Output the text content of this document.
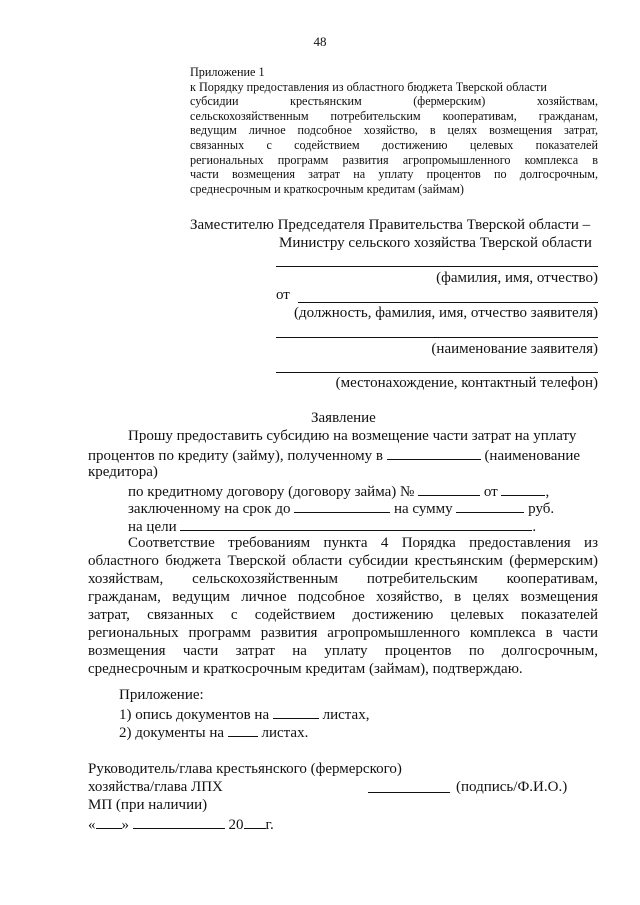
48
Приложение 1
к Порядку предоставления из областного бюджета Тверской области
субсидии крестьянским (фермерским) хозяйствам,
сельскохозяйственным потребительским кооперативам, гражданам,
ведущим личное подсобное хозяйство, в целях возмещения затрат,
связанных с содействием достижению целевых показателей
региональных программ развития агропромышленного комплекса в
части возмещения затрат на уплату процентов по долгосрочным,
среднесрочным и краткосрочным кредитам (займам)
Заместителю Председателя Правительства Тверской области –
Министру сельского хозяйства Тверской области
(фамилия, имя, отчество)
от
(должность, фамилия, имя, отчество заявителя)
(наименование заявителя)
(местонахождение, контактный телефон)
Заявление
Прошу предоставить субсидию на возмещение части затрат на уплату
процентов по кредиту (займу), полученному в	(наименование
кредитора)
по кредитному договору (договору займа) №	от	,
заключенному на срок до	на сумму	руб.
на цели	.
Соответствие требованиям пункта 4 Порядка предоставления из
областного бюджета Тверской области субсидии крестьянским (фермерским)
хозяйствам, сельскохозяйственным потребительским кооперативам,
гражданам, ведущим личное подсобное хозяйство, в целях возмещения
затрат, связанных с содействием достижению целевых показателей
региональных программ развития агропромышленного комплекса в части
возмещения части затрат на уплату процентов по долгосрочным,
среднесрочным и краткосрочным кредитам (займам), подтверждаю.
Приложение:
1) опись документов на	листах,
2) документы на	листах.
Руководитель/глава крестьянского (фермерского)
хозяйства/глава ЛПХ	(подпись/Ф.И.О.)
МП (при наличии)
« »	20 г.
